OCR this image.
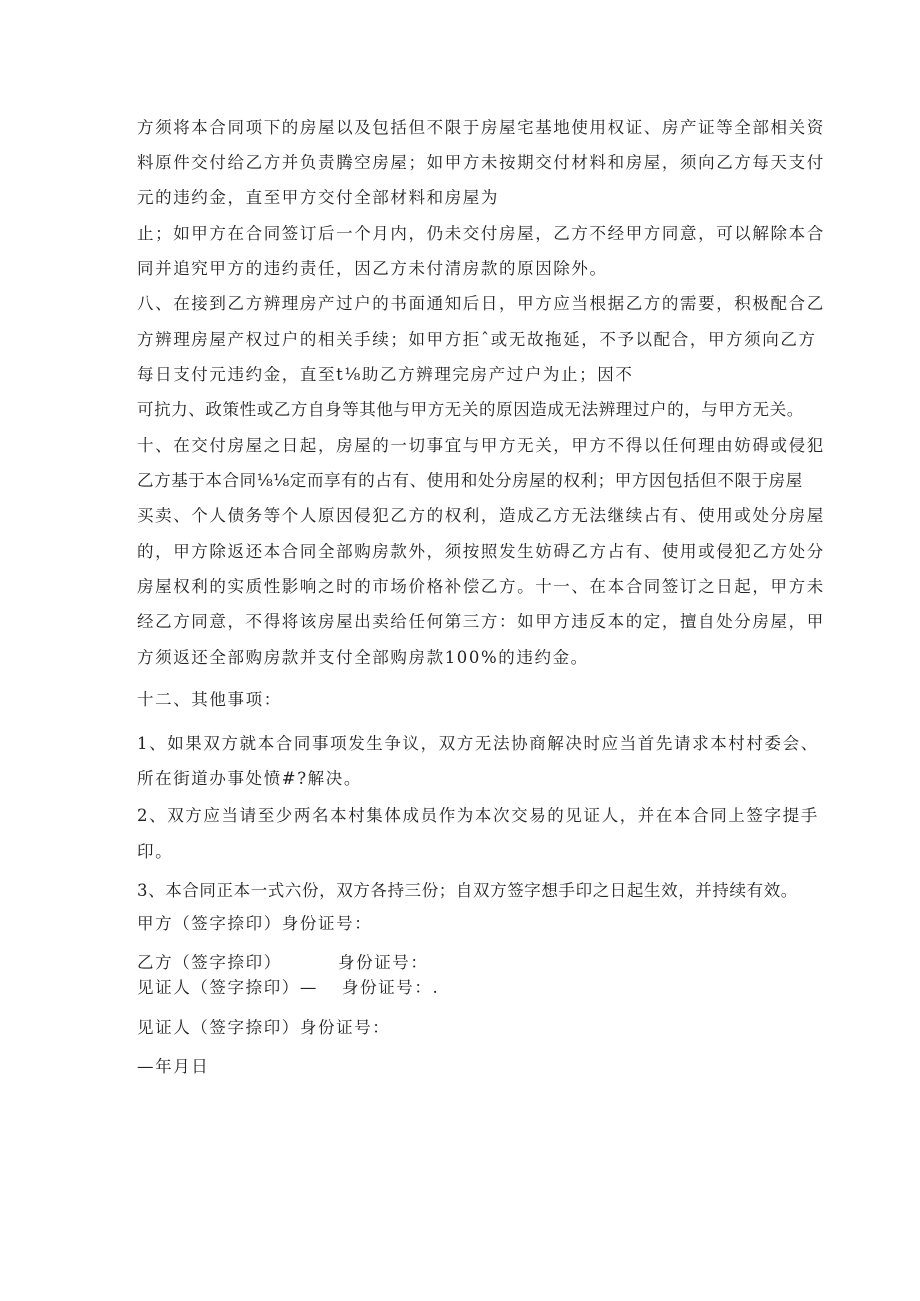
方须将本合同项下的房屋以及包括但不限于房屋宅基地使用权证、房产证等全部相关资
料原件交付给乙方并负责腾空房屋；如甲方未按期交付材料和房屋，须向乙方每天支付
元的违约金，直至甲方交付全部材料和房屋为
止；如甲方在合同签订后一个月内，仍未交付房屋，乙方不经甲方同意，可以解除本合
同并追究甲方的违约责任，因乙方未付清房款的原因除外。
八、在接到乙方辨理房产过户的书面通知后日，甲方应当根据乙方的需要，积极配合乙
方辨理房屋产权过户的相关手续；如甲方拒ˆ或无故拖延，不予以配合，甲方须向乙方
每日支付元违约金，直至t⅛助乙方辨理完房产过户为止；因不
可抗力、政策性或乙方自身等其他与甲方无关的原因造成无法辨理过户的，与甲方无关。
十、在交付房屋之日起，房屋的一切事宜与甲方无关，甲方不得以任何理由妨碍或侵犯
乙方基于本合同⅛⅛定而享有的占有、使用和处分房屋的权利；甲方因包括但不限于房屋
买卖、个人债务等个人原因侵犯乙方的权利，造成乙方无法继续占有、使用或处分房屋
的，甲方除返还本合同全部购房款外，须按照发生妨碍乙方占有、使用或侵犯乙方处分
房屋权利的实质性影响之时的市场价格补偿乙方。十一、在本合同签订之日起，甲方未
经乙方同意，不得将该房屋出卖给任何第三方：如甲方违反本的定，擅自处分房屋，甲
方须返还全部购房款并支付全部购房款100%的违约金。
十二、其他事项：
1、如果双方就本合同事项发生争议，双方无法协商解决时应当首先请求本村村委会、
所在街道办事处愤#?解决。
2、双方应当请至少两名本村集体成员作为本次交易的见证人，并在本合同上签字提手
印。
3、本合同正本一式六份，双方各持三份；自双方签字想手印之日起生效，并持续有效。
甲方（签字捺印）身份证号：
乙方（签字捺印）	身份证号：
见证人（签字捺印）— 身份证号：.
见证人（签字捺印）身份证号：
—年月日
